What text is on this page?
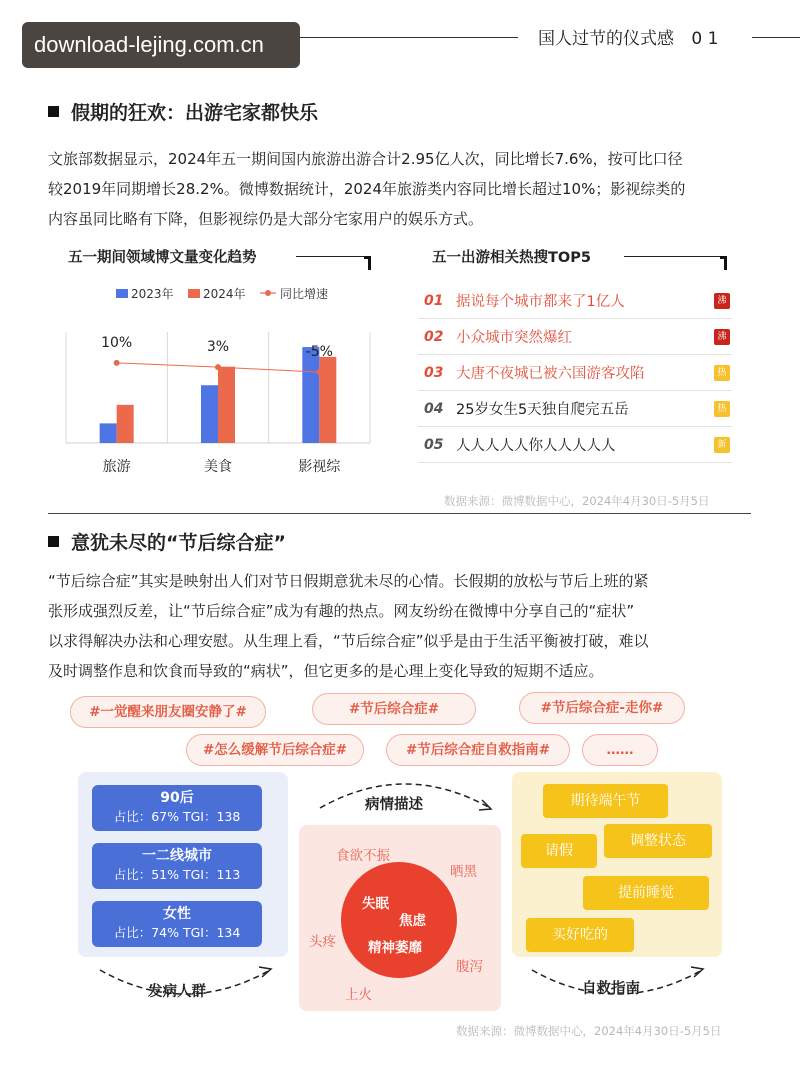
download-lejing.com.cn	国人过节的仪式感 0 1
假期的狂欢：出游宅家都快乐
文旅部数据显示，2024年五一期间国内旅游出游合计2.95亿人次，同比增长7.6%，按可比口径
较2019年同期增长28.2%。微博数据统计，2024年旅游类内容同比增长超过10%；影视综类的
内容虽同比略有下降，但影视综仍是大部分宅家用户的娱乐方式。
五一期间领域博文量变化趋势
2023年 2024年	同比增速
旅游	美食	影视综
10%	3%	-5%
五一出游相关热搜TOP5
01 据说每个城市都来了1亿人	沸
02 小众城市突然爆红	沸
03 大唐不夜城已被六国游客攻陷	热
04 25岁女生5天独自爬完五岳	热
05 人人人人人你人人人人人	新
数据来源：微博数据中心，2024年4月30日-5月5日
意犹未尽的“节后综合症”
“节后综合症”其实是映射出人们对节日假期意犹未尽的心情。长假期的放松与节后上班的紧
张形成强烈反差，让“节后综合症”成为有趣的热点。网友纷纷在微博中分享自己的“症状”
以求得解决办法和心理安慰。从生理上看，“节后综合症”似乎是由于生活平衡被打破，难以
及时调整作息和饮食而导致的“病状”，但它更多的是心理上变化导致的短期不适应。
#一觉醒来朋友圈安静了#	#节后综合症#	#节后综合症-走你#
#怎么缓解节后综合症#	#节后综合症自救指南#	……
90后
占比：67% TGI：138
一二线城市
占比：51% TGI：113
女性
占比：74% TGI：134
失眠
焦虑
精神萎靡
食欲不振
晒黑
头疼
腹泻
上火
期待端午节
请假
调整状态
提前睡觉
买好吃的
病情描述
发病人群	自救指南
数据来源：微博数据中心，2024年4月30日-5月5日
